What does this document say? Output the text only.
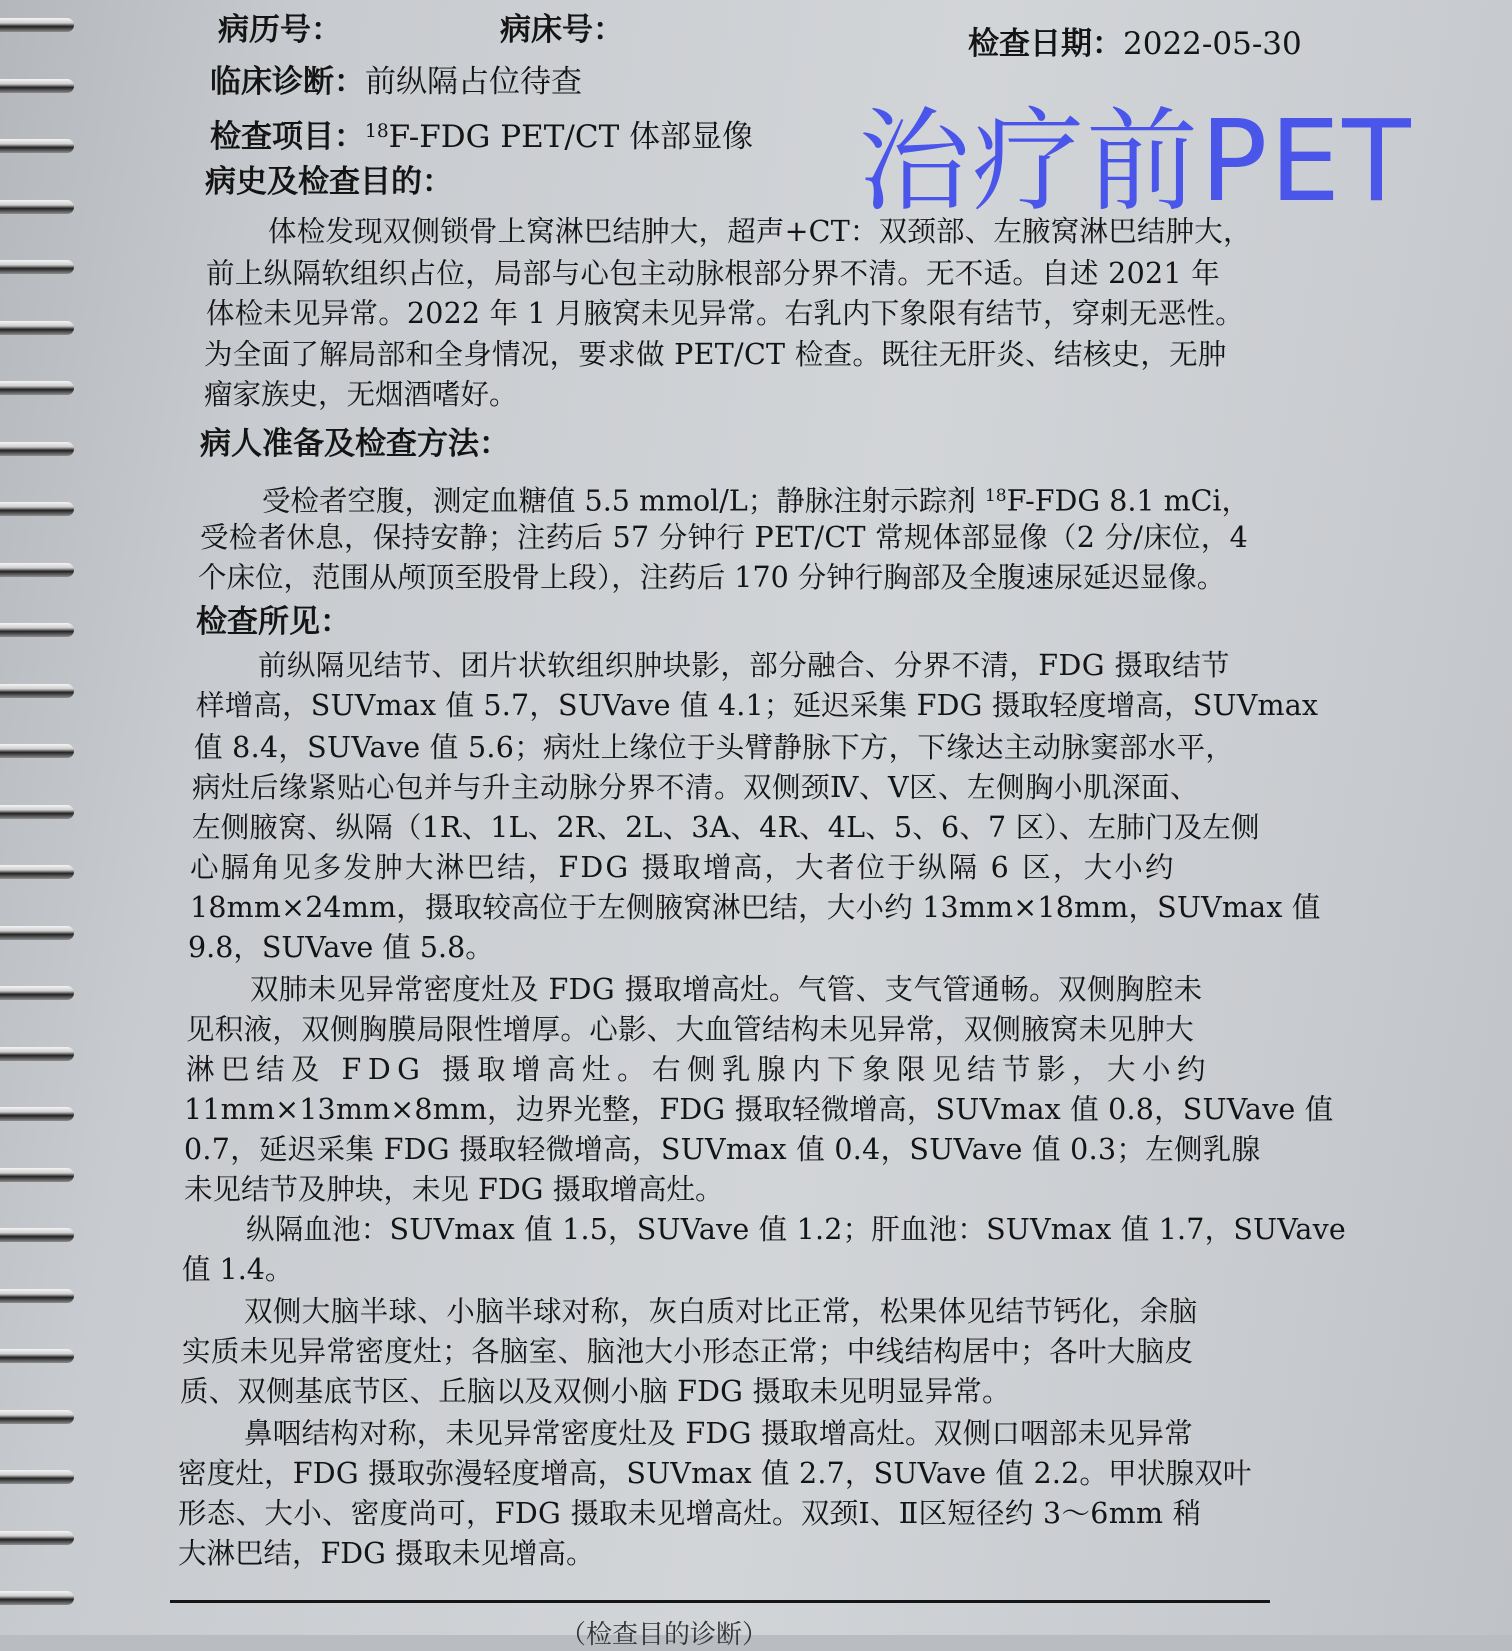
病历号：	病床号：	检查日期：2022-05-30
临床诊断：前纵隔占位待查
检查项目：$^{18}$F-FDG PET/CT 体部显像 治疗前PET
病史及检查目的：
体检发现双侧锁骨上窝淋巴结肿大，超声+CT：双颈部、左腋窝淋巴结肿大，
前上纵隔软组织占位，局部与心包主动脉根部分界不清。无不适。自述 2021 年
体检未见异常。2022 年 1 月腋窝未见异常。右乳内下象限有结节，穿刺无恶性。
为全面了解局部和全身情况，要求做 PET/CT 检查。既往无肝炎、结核史，无肿
瘤家族史，无烟酒嗜好。
病人准备及检查方法：
受检者空腹，测定血糖值 5.5 mmol/L；静脉注射示踪剂 $^{18}$F-FDG 8.1 mCi，
受检者休息，保持安静；注药后 57 分钟行 PET/CT 常规体部显像（2 分/床位，4
个床位，范围从颅顶至股骨上段），注药后 170 分钟行胸部及全腹速尿延迟显像。
检查所见：
前纵隔见结节、团片状软组织肿块影，部分融合、分界不清，FDG 摄取结节
样增高，SUVmax 值 5.7，SUVave 值 4.1；延迟采集 FDG 摄取轻度增高，SUVmax
值 8.4，SUVave 值 5.6；病灶上缘位于头臂静脉下方，下缘达主动脉窦部水平，
病灶后缘紧贴心包并与升主动脉分界不清。双侧颈Ⅳ、Ⅴ区、左侧胸小肌深面、
左侧腋窝、纵隔（1R、1L、2R、2L、3A、4R、4L、5、6、7 区）、左肺门及左侧
心膈角见多发肿大淋巴结，FDG 摄取增高，大者位于纵隔 6 区，大小约
18mm×24mm，摄取较高位于左侧腋窝淋巴结，大小约 13mm×18mm，SUVmax 值
9.8，SUVave 值 5.8。
双肺未见异常密度灶及 FDG 摄取增高灶。气管、支气管通畅。双侧胸腔未
见积液，双侧胸膜局限性增厚。心影、大血管结构未见异常，双侧腋窝未见肿大
淋巴结及 FDG 摄取增高灶。右侧乳腺内下象限见结节影，大小约
11mm×13mm×8mm，边界光整，FDG 摄取轻微增高，SUVmax 值 0.8，SUVave 值
0.7，延迟采集 FDG 摄取轻微增高，SUVmax 值 0.4，SUVave 值 0.3；左侧乳腺
未见结节及肿块，未见 FDG 摄取增高灶。
纵隔血池：SUVmax 值 1.5，SUVave 值 1.2；肝血池：SUVmax 值 1.7，SUVave
值 1.4。
双侧大脑半球、小脑半球对称，灰白质对比正常，松果体见结节钙化，余脑
实质未见异常密度灶；各脑室、脑池大小形态正常；中线结构居中；各叶大脑皮
质、双侧基底节区、丘脑以及双侧小脑 FDG 摄取未见明显异常。
鼻咽结构对称，未见异常密度灶及 FDG 摄取增高灶。双侧口咽部未见异常
密度灶，FDG 摄取弥漫轻度增高，SUVmax 值 2.7，SUVave 值 2.2。甲状腺双叶
形态、大小、密度尚可，FDG 摄取未见增高灶。双颈Ⅰ、Ⅱ区短径约 3～6mm 稍
大淋巴结，FDG 摄取未见增高。
（检查目的诊断）
